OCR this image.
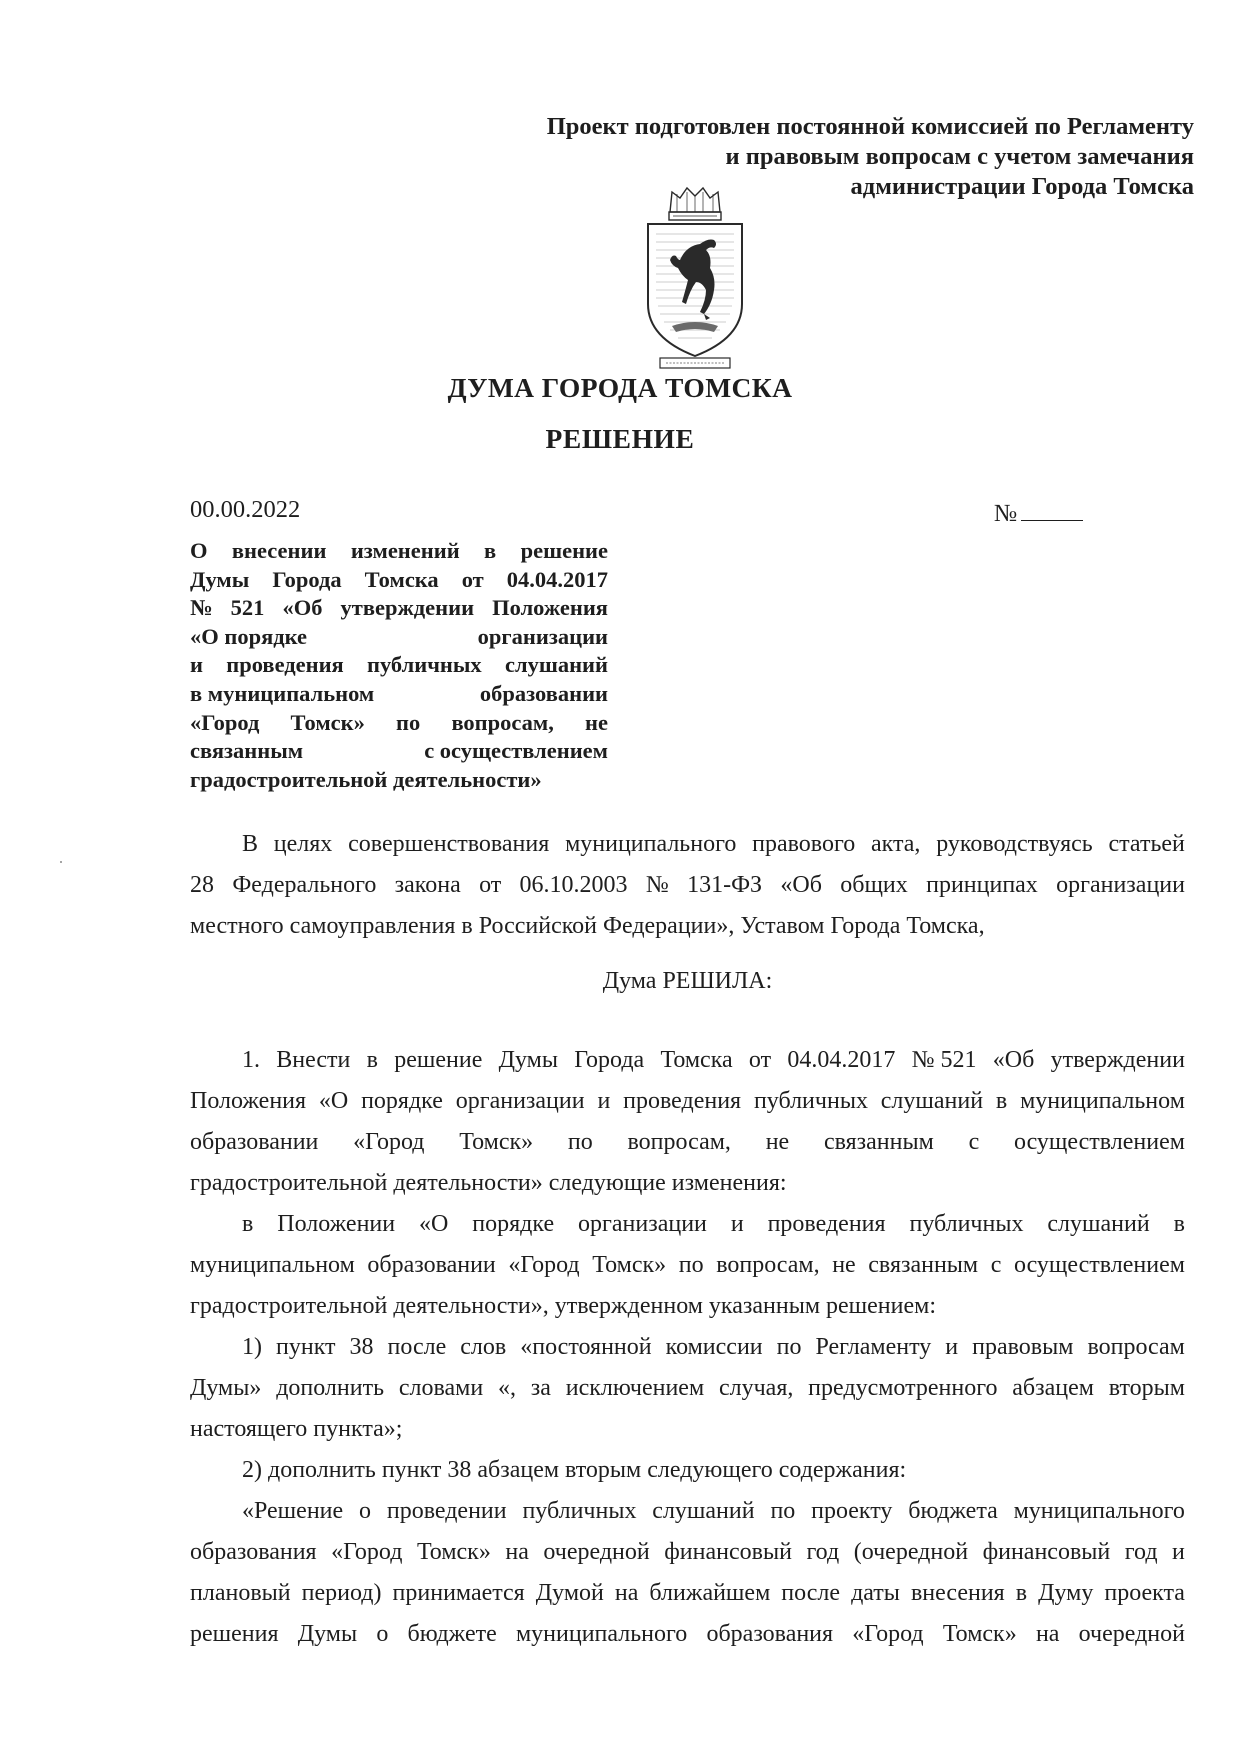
Проект подготовлен постоянной комиссией по Регламенту
и правовым вопросам с учетом замечания
администрации Города Томска
ДУМА ГОРОДА ТОМСКА
РЕШЕНИЕ
00.00.2022	№
О внесении изменений в решение
Думы Города Томска от 04.04.2017
№ 521 «Об утверждении Положения
«О порядке	организации
и проведения публичных слушаний
в муниципальном	образовании
«Город Томск» по вопросам, не
связанным	с осуществлением
градостроительной деятельности»
В целях совершенствования муниципального правового акта, руководствуясь статьей
28 Федерального закона от 06.10.2003 № 131-ФЗ «Об общих принципах организации
местного самоуправления в Российской Федерации», Уставом Города Томска,
Дума РЕШИЛА:
1. Внести в решение Думы Города Томска от 04.04.2017 № 521 «Об утверждении
Положения «О порядке организации и проведения публичных слушаний в муниципальном
образовании «Город Томск» по вопросам, не связанным с осуществлением
градостроительной деятельности» следующие изменения:
в Положении «О порядке организации и проведения публичных слушаний в
муниципальном образовании «Город Томск» по вопросам, не связанным с осуществлением
градостроительной деятельности», утвержденном указанным решением:
1) пункт 38 после слов «постоянной комиссии по Регламенту и правовым вопросам
Думы» дополнить словами «, за исключением случая, предусмотренного абзацем вторым
настоящего пункта»;
2) дополнить пункт 38 абзацем вторым следующего содержания:
«Решение о проведении публичных слушаний по проекту бюджета муниципального
образования «Город Томск» на очередной финансовый год (очередной финансовый год и
плановый период) принимается Думой на ближайшем после даты внесения в Думу проекта
решения Думы о бюджете муниципального образования «Город Томск» на очередной
